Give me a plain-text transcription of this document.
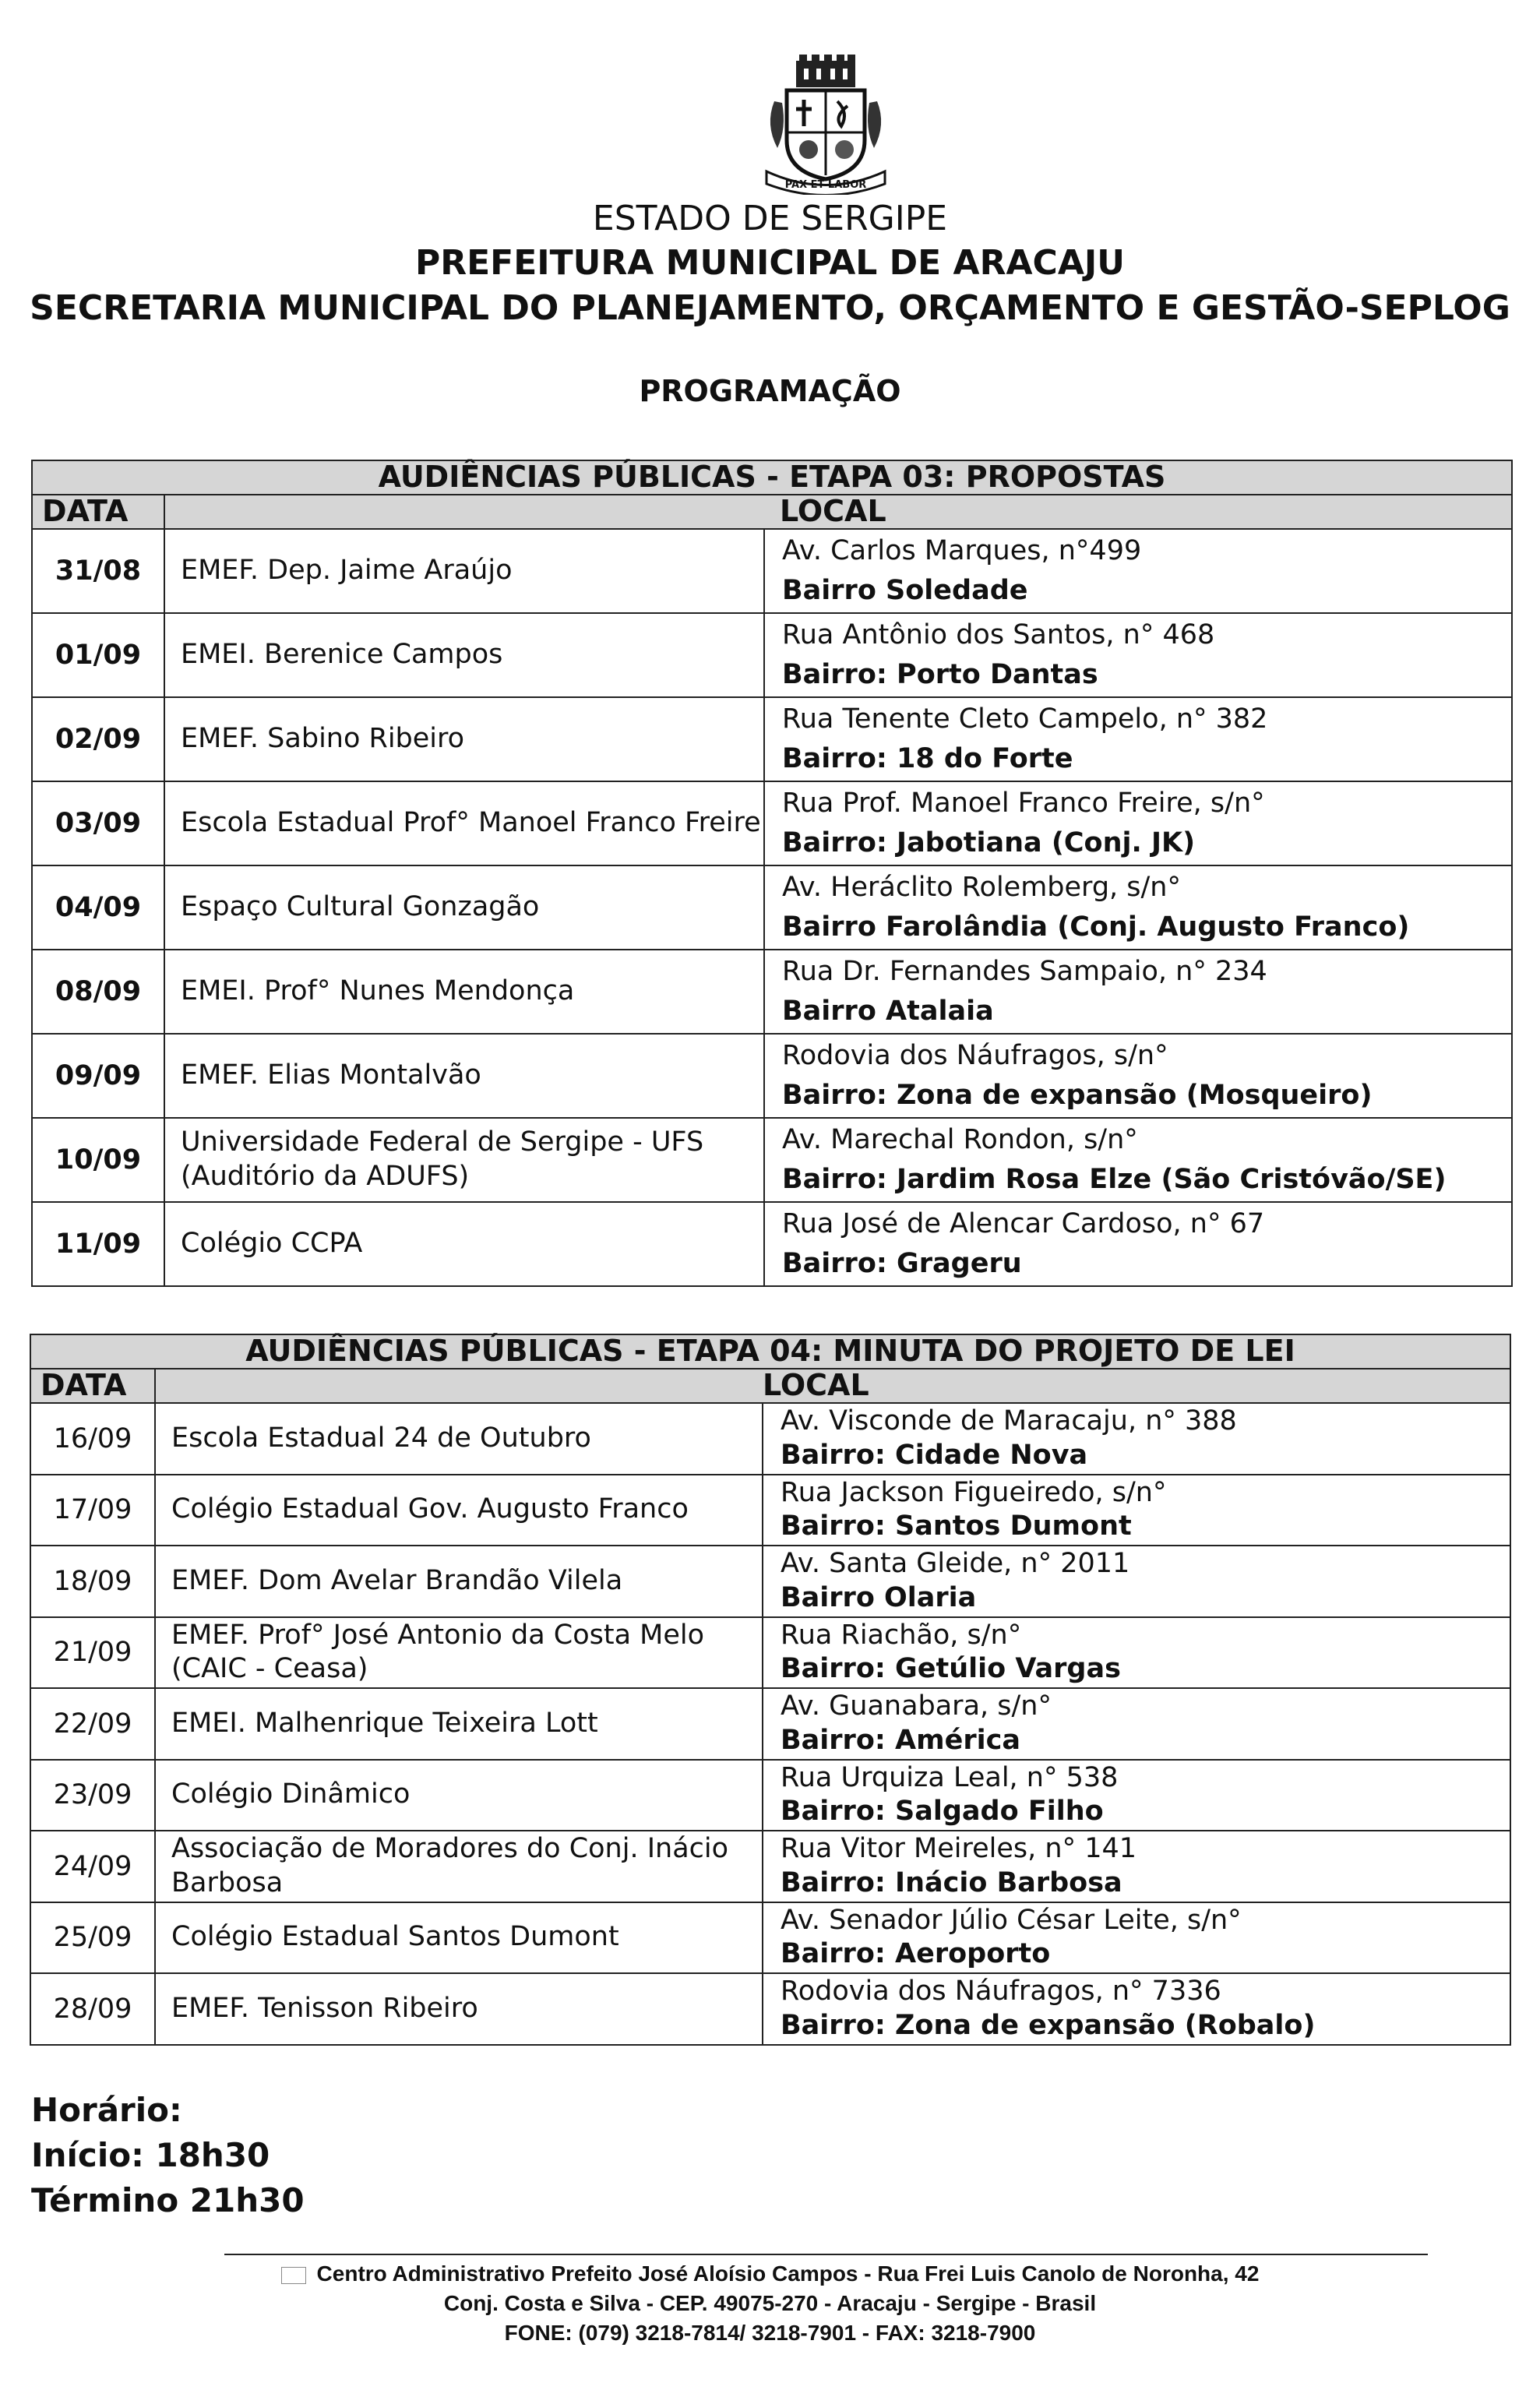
PAX ET LABOR
ESTADO DE SERGIPE
PREFEITURA MUNICIPAL DE ARACAJU
SECRETARIA MUNICIPAL DO PLANEJAMENTO, ORÇAMENTO E GESTÃO-SEPLOG
PROGRAMAÇÃO
AUDIÊNCIAS PÚBLICAS - ETAPA 03: PROPOSTAS		
DATA		LOCAL
31/08	EMEF. Dep. Jaime Araújo	Av. Carlos Marques, n°499
Bairro Soledade

01/09	EMEI. Berenice Campos	Rua Antônio dos Santos, n° 468
Bairro: Porto Dantas

02/09	EMEF. Sabino Ribeiro	Rua Tenente Cleto Campelo, n° 382
Bairro: 18 do Forte

03/09	Escola Estadual Prof° Manoel Franco Freire	Rua Prof. Manoel Franco Freire, s/n°
Bairro: Jabotiana (Conj. JK)

04/09	Espaço Cultural Gonzagão	Av. Heráclito Rolemberg, s/n°
Bairro Farolândia (Conj. Augusto Franco)

08/09	EMEI. Prof° Nunes Mendonça	Rua Dr. Fernandes Sampaio, n° 234
Bairro Atalaia

09/09	EMEF. Elias Montalvão	Rodovia dos Náufragos, s/n°
Bairro: Zona de expansão (Mosqueiro)

10/09	Universidade Federal de Sergipe - UFS (Auditório da ADUFS)	Av. Marechal Rondon, s/n°
Bairro: Jardim Rosa Elze (São Cristóvão/SE)

11/09	Colégio CCPA	Rua José de Alencar Cardoso, n° 67
Bairro: Grageru
AUDIÊNCIAS PÚBLICAS - ETAPA 04: MINUTA DO PROJETO DE LEI		
DATA		LOCAL
16/09	Escola Estadual 24 de Outubro	Av. Visconde de Maracaju, n° 388
Bairro: Cidade Nova

17/09	Colégio Estadual Gov. Augusto Franco	Rua Jackson Figueiredo, s/n°
Bairro: Santos Dumont

18/09	EMEF. Dom Avelar Brandão Vilela	Av. Santa Gleide, n° 2011
Bairro Olaria

21/09	EMEF. Prof° José Antonio da Costa Melo (CAIC - Ceasa)	Rua Riachão, s/n°
Bairro: Getúlio Vargas

22/09	EMEI. Malhenrique Teixeira Lott	Av. Guanabara, s/n°
Bairro: América

23/09	Colégio Dinâmico	Rua Urquiza Leal, n° 538
Bairro: Salgado Filho

24/09	Associação de Moradores do Conj. Inácio Barbosa	Rua Vitor Meireles, n° 141
Bairro: Inácio Barbosa

25/09	Colégio Estadual Santos Dumont	Av. Senador Júlio César Leite, s/n°
Bairro: Aeroporto

28/09	EMEF. Tenisson Ribeiro	Rodovia dos Náufragos, n° 7336
Bairro: Zona de expansão (Robalo)
Horário:
Início: 18h30
Término 21h30
Centro Administrativo Prefeito José Aloísio Campos - Rua Frei Luis Canolo de Noronha, 42
Conj. Costa e Silva - CEP. 49075-270 - Aracaju - Sergipe - Brasil
FONE: (079) 3218-7814/ 3218-7901 - FAX: 3218-7900
